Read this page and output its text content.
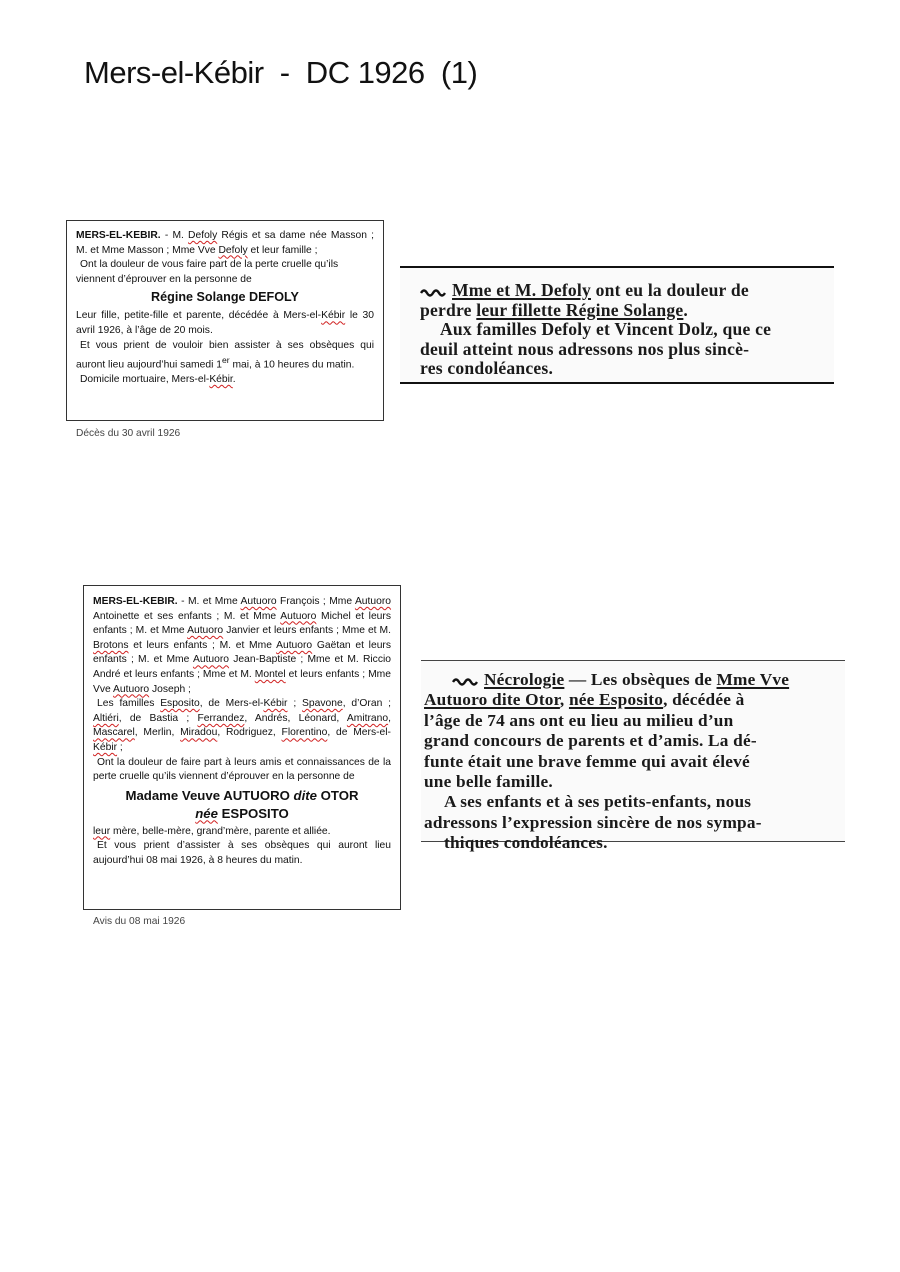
Mers-el-Kébir  -  DC 1926  (1)

MERS-EL-KEBIR. - M. Defoly Régis et sa dame née Masson ; M. et Mme Masson ; Mme Vve Defoly et leur famille ;

Ont la douleur de vous faire part de la perte cruelle qu’ils viennent d’éprouver en la personne de

Régine Solange DEFOLY

Leur fille, petite-fille et parente, décédée à Mers-el-Kébir le 30 avril 1926, à l’âge de 20 mois.

Et vous prient de vouloir bien assister à ses obsèques qui auront lieu aujourd’hui samedi 1er mai, à 10 heures du matin.

Domicile mortuaire, Mers-el-Kébir.

Décès du 30 avril 1926
Mme et M. Defoly ont eu la douleur de
perdre leur fillette Régine Solange.
Aux familles Defoly et Vincent Dolz, que ce
deuil atteint nous adressons nos plus sincè-
res condoléances.

MERS-EL-KEBIR. - M. et Mme Autuoro François ; Mme Autuoro Antoinette et ses enfants ; M. et Mme Autuoro Michel et leurs enfants ; M. et Mme Autuoro Janvier et leurs enfants ; Mme et M. Brotons et leurs enfants ; M. et Mme Autuoro Gaëtan et leurs enfants ; M. et Mme Autuoro Jean-Baptiste ; Mme et M. Riccio André et leurs enfants ; Mme et M. Montel et leurs enfants ; Mme Vve Autuoro Joseph ;

Les familles Esposito, de Mers-el-Kébir ; Spavone, d’Oran ; Altiéri, de Bastia ; Ferrandez, Andrés, Léonard, Amitrano, Mascarel, Merlin, Miradou, Rodriguez, Florentino, de Mers-el-Kébir ;

Ont la douleur de faire part à leurs amis et connaissances de la perte cruelle qu’ils viennent d’éprouver en la personne de

Madame Veuve AUTUORO dite OTOR

née ESPOSITO

leur mère, belle-mère, grand’mère, parente et alliée.

Et vous prient d’assister à ses obsèques qui auront lieu aujourd’hui 08 mai 1926, à 8 heures du matin.

Avis du 08 mai 1926
Nécrologie — Les obsèques de Mme Vve
Autuoro dite Otor, née Esposito, décédée à
l’âge de 74 ans ont eu lieu au milieu d’un
grand concours de parents et d’amis. La dé-
funte était une brave femme qui avait élevé
une belle famille.
A ses enfants et à ses petits-enfants, nous
adressons l’expression sincère de nos sympa-
thiques condoléances.
